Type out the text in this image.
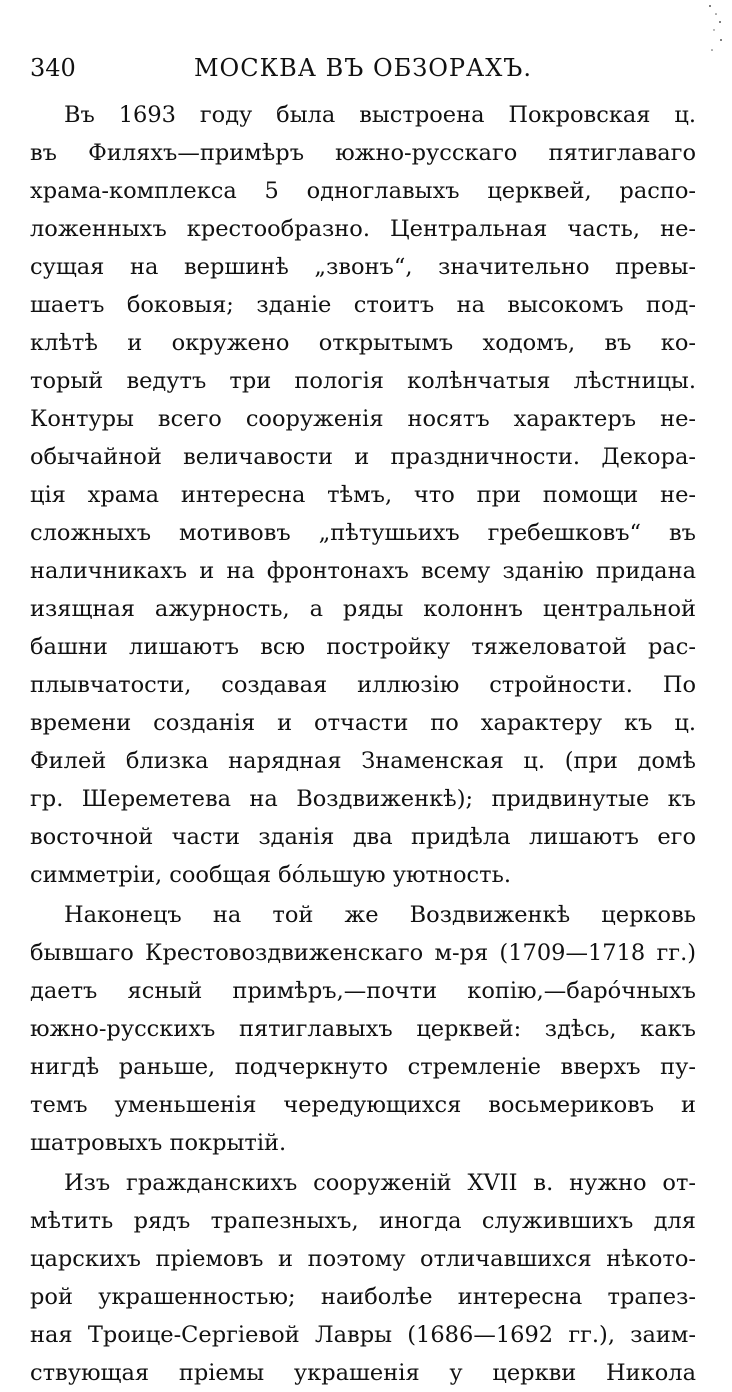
340	МОСКВА ВЪ ОБЗОРАХЪ.
Въ 1693 году была выстроена Покровская ц.
въ Филяхъ—примѣръ южно-русскаго пятиглаваго
храма-комплекса 5 одноглавыхъ церквей, распо-
ложенныхъ крестообразно. Центральная часть, не-
сущая на вершинѣ „звонъ“, значительно превы-
шаетъ боковыя; зданіе стоитъ на высокомъ под-
клѣтѣ и окружено открытымъ ходомъ, въ ко-
торый ведутъ три пологія колѣнчатыя лѣстницы.
Контуры всего сооруженія носятъ характеръ не-
обычайной величавости и праздничности. Декора-
ція храма интересна тѣмъ, что при помощи не-
сложныхъ мотивовъ „пѣтушьихъ гребешковъ“ въ
наличникахъ и на фронтонахъ всему зданію придана
изящная ажурность, а ряды колоннъ центральной
башни лишаютъ всю постройку тяжеловатой рас-
плывчатости, создавая иллюзію стройности. По
времени созданія и отчасти по характеру къ ц.
Филей близка нарядная Знаменская ц. (при домѣ
гр. Шереметева на Воздвиженкѣ); придвинутые къ
восточной части зданія два придѣла лишаютъ его
симметріи, сообщая бóльшую уютность.
Наконецъ на той же Воздвиженкѣ церковь
бывшаго Крестовоздвиженскаго м-ря (1709—1718 гг.)
даетъ ясный примѣръ,—почти копію,—барóчныхъ
южно-русскихъ пятиглавыхъ церквей: здѣсь, какъ
нигдѣ раньше, подчеркнуто стремленіе вверхъ пу-
темъ уменьшенія чередующихся восьмериковъ и
шатровыхъ покрытій.
Изъ гражданскихъ сооруженій XVII в. нужно от-
мѣтить рядъ трапезныхъ, иногда служившихъ для
царскихъ пріемовъ и поэтому отличавшихся нѣкото-
рой украшенностью; наиболѣе интересна трапез-
ная Троице-Сергіевой Лавры (1686—1692 гг.), заим-
ствующая пріемы украшенія у церкви Никола
